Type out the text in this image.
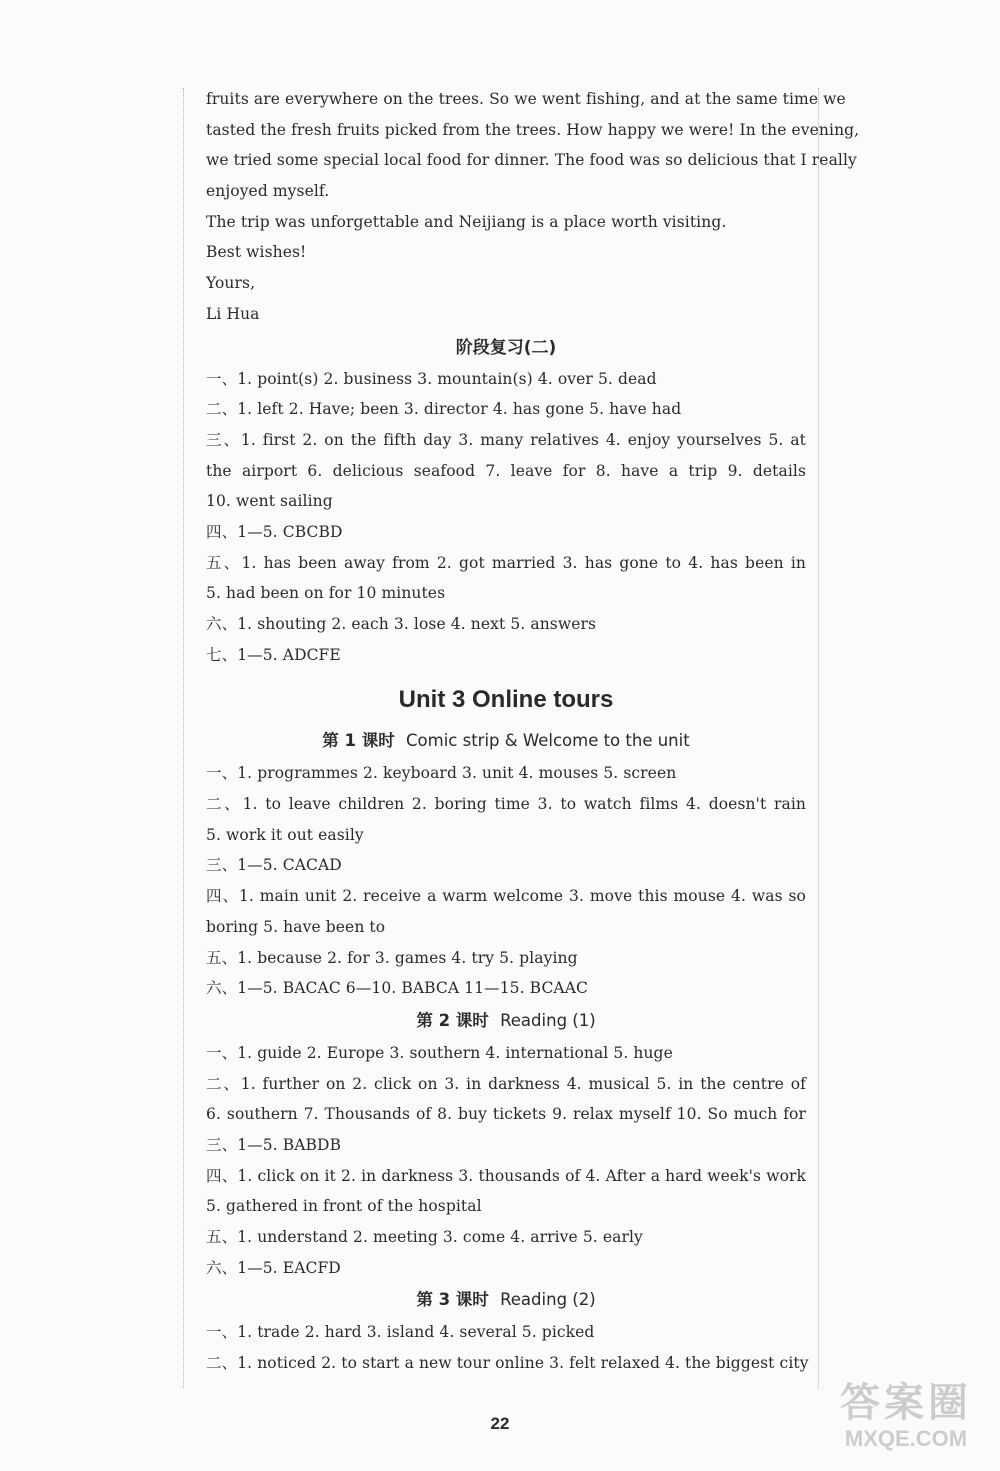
fruits are everywhere on the trees. So we went fishing, and at the same time we
tasted the fresh fruits picked from the trees. How happy we were! In the evening,
we tried some special local food for dinner. The food was so delicious that I really
enjoyed myself.
The trip was unforgettable and Neijiang is a place worth visiting.
Best wishes!
Yours,
Li Hua
阶段复习(二)
一、1. point(s) 2. business 3. mountain(s) 4. over 5. dead
二、1. left 2. Have; been 3. director 4. has gone 5. have had
三、1. first 2. on the fifth day 3. many relatives 4. enjoy yourselves 5. at
the airport 6. delicious seafood 7. leave for 8. have a trip 9. details
10. went sailing
四、1—5. CBCBD
五、1. has been away from 2. got married 3. has gone to 4. has been in
5. had been on for 10 minutes
六、1. shouting 2. each 3. lose 4. next 5. answers
七、1—5. ADCFE
Unit 3 Online tours
第 1 课时 Comic strip & Welcome to the unit
一、1. programmes 2. keyboard 3. unit 4. mouses 5. screen
二、1. to leave children 2. boring time 3. to watch films 4. doesn't rain
5. work it out easily
三、1—5. CACAD
四、1. main unit 2. receive a warm welcome 3. move this mouse 4. was so
boring 5. have been to
五、1. because 2. for 3. games 4. try 5. playing
六、1—5. BACAC 6—10. BABCA 11—15. BCAAC
第 2 课时 Reading (1)
一、1. guide 2. Europe 3. southern 4. international 5. huge
二、1. further on 2. click on 3. in darkness 4. musical 5. in the centre of
6. southern 7. Thousands of 8. buy tickets 9. relax myself 10. So much for
三、1—5. BABDB
四、1. click on it 2. in darkness 3. thousands of 4. After a hard week's work
5. gathered in front of the hospital
五、1. understand 2. meeting 3. come 4. arrive 5. early
六、1—5. EACFD
第 3 课时 Reading (2)
一、1. trade 2. hard 3. island 4. several 5. picked
二、1. noticed 2. to start a new tour online 3. felt relaxed 4. the biggest city
22	答案圈
MXQE.COM
